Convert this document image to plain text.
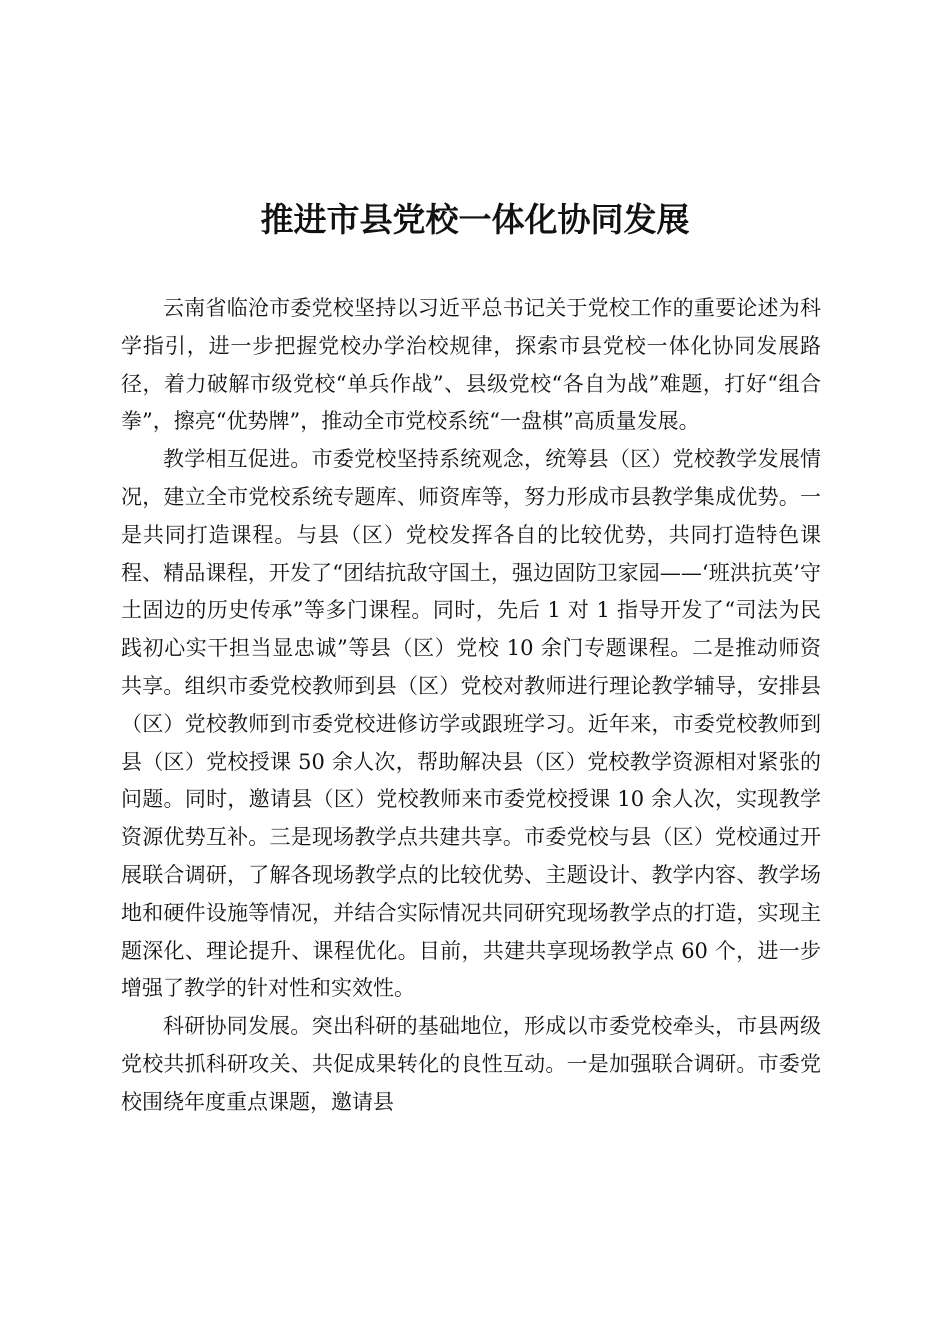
推进市县党校一体化协同发展

云南省临沧市委党校坚持以习近平总书记关于党校工作的重要论述为科学指引，进一步把握党校办学治校规律，探索市县党校一体化协同发展路径，着力破解市级党校“单兵作战”、县级党校“各自为战”难题，打好“组合拳”，擦亮“优势牌”，推动全市党校系统“一盘棋”高质量发展。

教学相互促进。市委党校坚持系统观念，统筹县（区）党校教学发展情况，建立全市党校系统专题库、师资库等，努力形成市县教学集成优势。一是共同打造课程。与县（区）党校发挥各自的比较优势，共同打造特色课程、精品课程，开发了“团结抗敌守国土，强边固防卫家园——‘班洪抗英’守土固边的历史传承”等多门课程。同时，先后 1 对 1 指导开发了“司法为民践初心实干担当显忠诚”等县（区）党校 10 余门专题课程。二是推动师资共享。组织市委党校教师到县（区）党校对教师进行理论教学辅导，安排县（区）党校教师到市委党校进修访学或跟班学习。近年来，市委党校教师到县（区）党校授课 50 余人次，帮助解决县（区）党校教学资源相对紧张的问题。同时，邀请县（区）党校教师来市委党校授课 10 余人次，实现教学资源优势互补。三是现场教学点共建共享。市委党校与县（区）党校通过开展联合调研，了解各现场教学点的比较优势、主题设计、教学内容、教学场地和硬件设施等情况，并结合实际情况共同研究现场教学点的打造，实现主题深化、理论提升、课程优化。目前，共建共享现场教学点 60 个，进一步增强了教学的针对性和实效性。

科研协同发展。突出科研的基础地位，形成以市委党校牵头，市县两级党校共抓科研攻关、共促成果转化的良性互动。一是加强联合调研。市委党校围绕年度重点课题，邀请县
